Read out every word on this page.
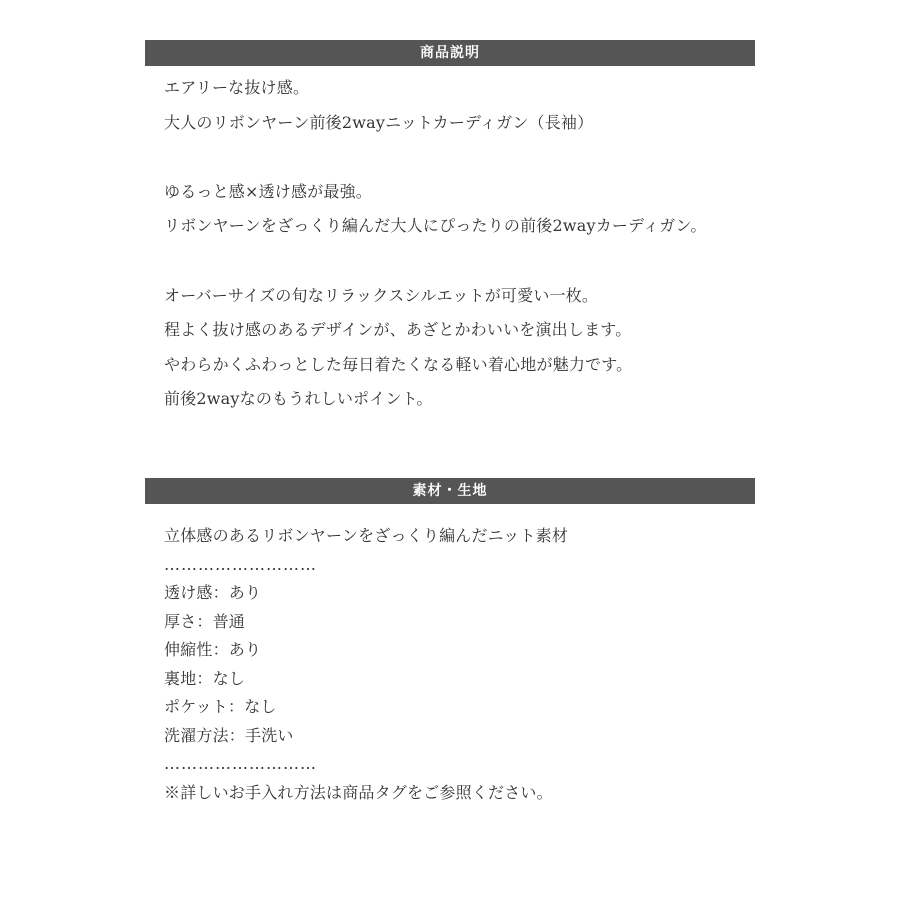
商品説明
エアリーな抜け感。
大人のリボンヤーン前後2wayニットカーディガン（長袖）
ゆるっと感×透け感が最強。
リボンヤーンをざっくり編んだ大人にぴったりの前後2wayカーディガン。
オーバーサイズの旬なリラックスシルエットが可愛い一枚。
程よく抜け感のあるデザインが、あざとかわいいを演出します。
やわらかくふわっとした毎日着たくなる軽い着心地が魅力です。
前後2wayなのもうれしいポイント。
素材・生地
立体感のあるリボンヤーンをざっくり編んだニット素材
………………………
透け感：あり
厚さ：普通
伸縮性：あり
裏地：なし
ポケット：なし
洗濯方法：手洗い
………………………
※詳しいお手入れ方法は商品タグをご参照ください。
